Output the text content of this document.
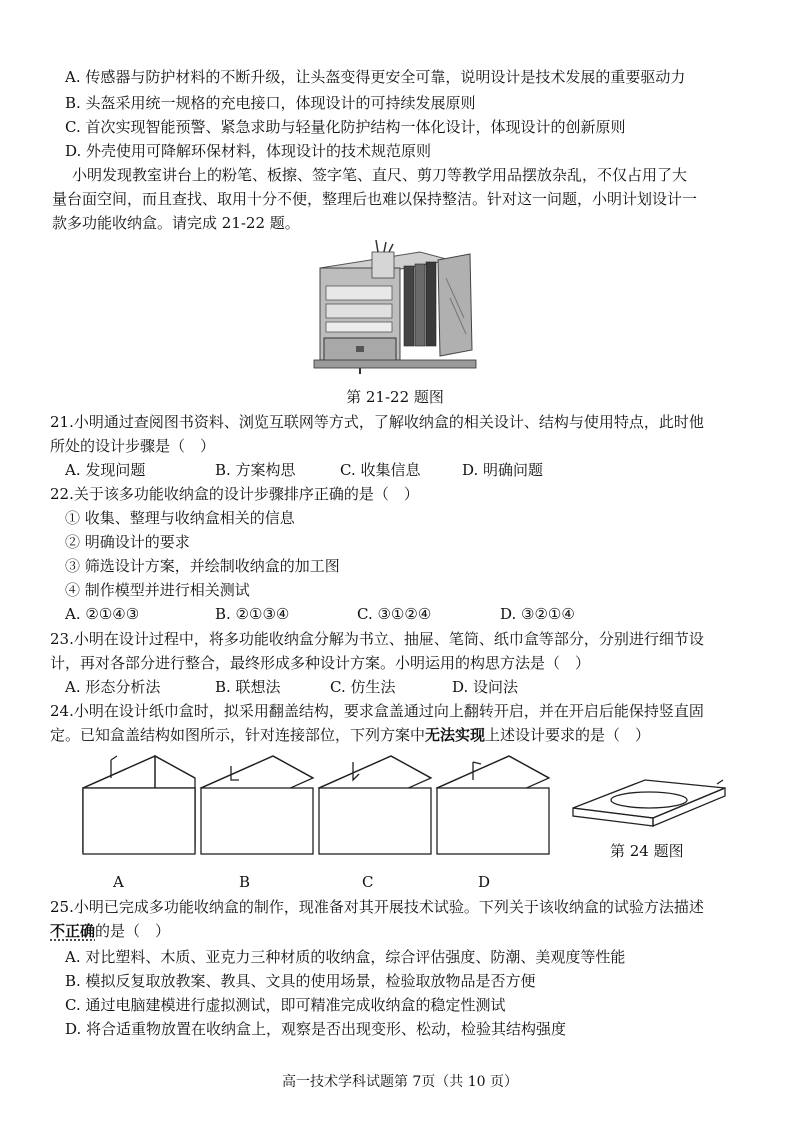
A. 传感器与防护材料的不断升级，让头盔变得更安全可靠，说明设计是技术发展的重要驱动力
B. 头盔采用统一规格的充电接口，体现设计的可持续发展原则
C. 首次实现智能预警、紧急求助与轻量化防护结构一体化设计，体现设计的创新原则
D. 外壳使用可降解环保材料，体现设计的技术规范原则
小明发现教室讲台上的粉笔、板擦、签字笔、直尺、剪刀等教学用品摆放杂乱，不仅占用了大
量台面空间，而且查找、取用十分不便，整理后也难以保持整洁。针对这一问题，小明计划设计一
款多功能收纳盒。请完成 21-22 题。
第 21-22 题图
21.小明通过查阅图书资料、浏览互联网等方式，了解收纳盒的相关设计、结构与使用特点，此时他
所处的设计步骤是（　）
A. 发现问题	B. 方案构思	C. 收集信息	D. 明确问题
22.关于该多功能收纳盒的设计步骤排序正确的是（　）
① 收集、整理与收纳盒相关的信息
② 明确设计的要求
③ 筛选设计方案，并绘制收纳盒的加工图
④ 制作模型并进行相关测试
A. ②①④③	B. ②①③④	C. ③①②④	D. ③②①④
23.小明在设计过程中，将多功能收纳盒分解为书立、抽屉、笔筒、纸巾盒等部分，分别进行细节设
计，再对各部分进行整合，最终形成多种设计方案。小明运用的构思方法是（　）
A. 形态分析法	B. 联想法	C. 仿生法	D. 设问法
24.小明在设计纸巾盒时，拟采用翻盖结构，要求盒盖通过向上翻转开启，并在开启后能保持竖直固
定。已知盒盖结构如图所示，针对连接部位，下列方案中无法实现上述设计要求的是（　）
A	B	C	D
第 24 题图
25.小明已完成多功能收纳盒的制作，现准备对其开展技术试验。下列关于该收纳盒的试验方法描述
不正确的是（　）
A. 对比塑料、木质、亚克力三种材质的收纳盒，综合评估强度、防潮、美观度等性能
B. 模拟反复取放教案、教具、文具的使用场景，检验取放物品是否方便
C. 通过电脑建模进行虚拟测试，即可精准完成收纳盒的稳定性测试
D. 将合适重物放置在收纳盒上，观察是否出现变形、松动，检验其结构强度
高一技术学科试题第 7页（共 10 页）
